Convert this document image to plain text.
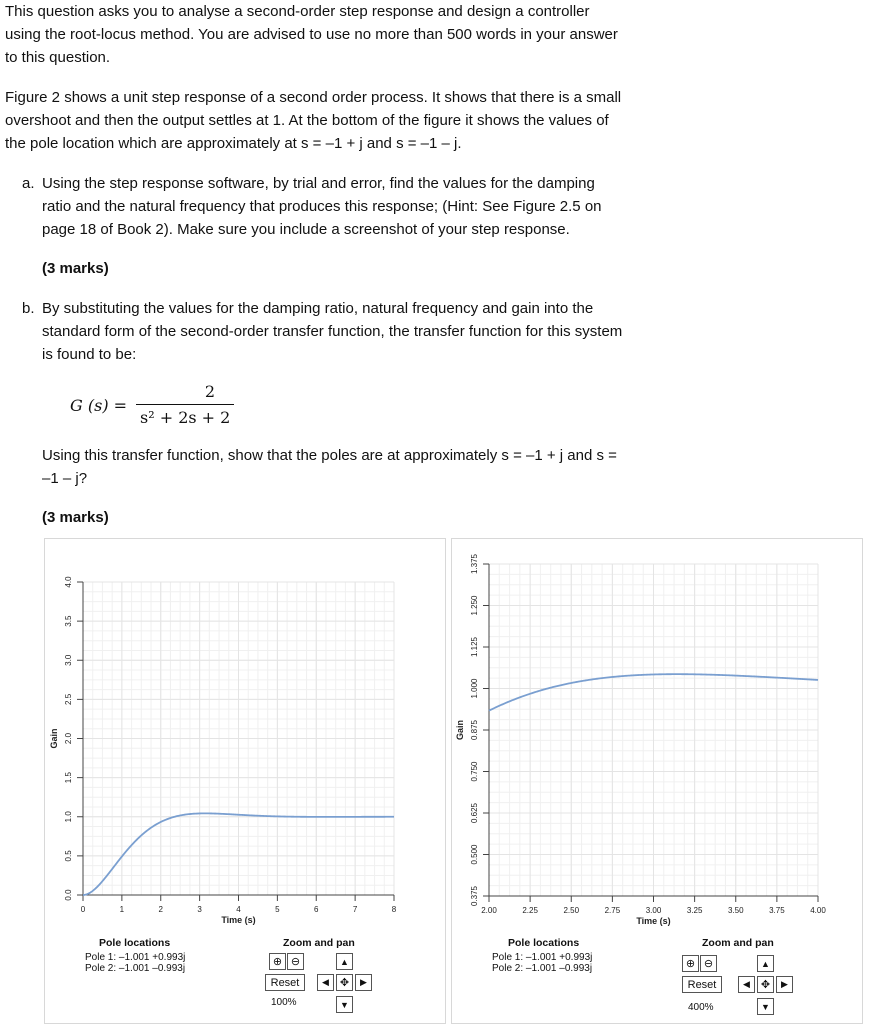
This question asks you to analyse a second-order step response and design a controller
using the root-locus method. You are advised to use no more than 500 words in your answer
to this question.
Figure 2 shows a unit step response of a second order process. It shows that there is a small
overshoot and then the output settles at 1. At the bottom of the figure it shows the values of
the pole location which are approximately at s = –1 + j and s = –1 – j.
a. Using the step response software, by trial and error, find the values for the damping
ratio and the natural frequency that produces this response; (Hint: See Figure 2.5 on
page 18 of Book 2). Make sure you include a screenshot of your step response.
(3 marks)
b. By substituting the values for the damping ratio, natural frequency and gain into the
standard form of the second-order transfer function, the transfer function for this system
is found to be:
G (s) =
2
s² + 2s + 2
Using this transfer function, show that the poles are at approximately s = –1 + j and s =
–1 – j?
(3 marks)
0	1	2	3	4	5	6	7	8
0.0
0.5
1.0
1.5
2.0
2.5
3.0
3.5
4.0
Time (s)
Gain
Pole locations
Pole 1: –1.001 +0.993j
Pole 2: –1.001 –0.993j
Zoom and pan
⊕ ⊖	▲
Reset	◀ ✥	▶
100%	▼
2.00	2.25	2.50	2.75	3.00	3.25	3.50	3.75	4.00
0.375
0.500
0.625
0.750
0.875
1.000
1.125
1.250
1.375
Time (s)
Gain
Pole locations
Pole 1: –1.001 +0.993j
Pole 2: –1.001 –0.993j
Zoom and pan
⊕ ⊖	▲
Reset	◀ ✥	▶
400%	▼
